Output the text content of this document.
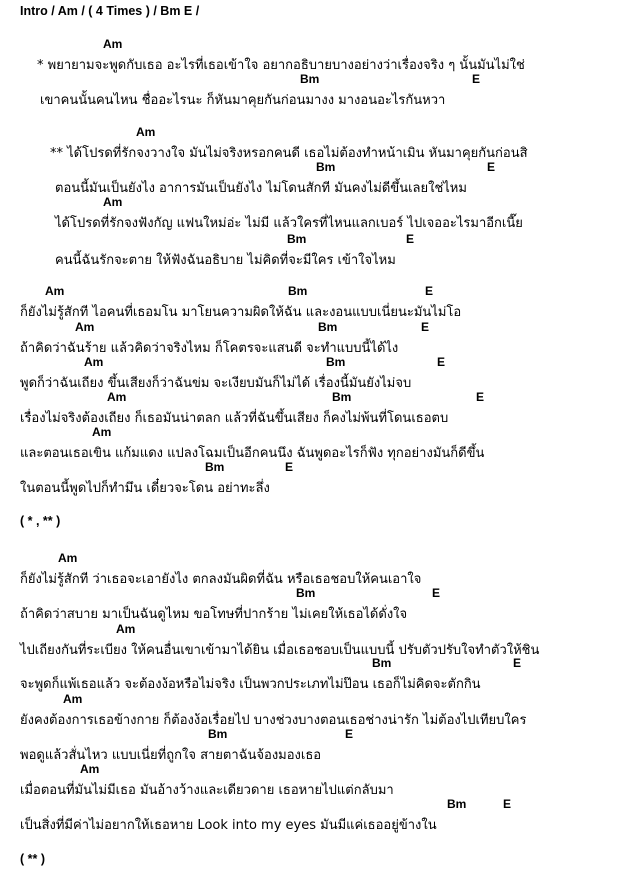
Intro / Am / ( 4 Times ) / Bm E /
( * , ** )
( ** )
Am
* พยายามจะพูดกับเธอ อะไรที่เธอเข้าใจ อยากอธิบายบางอย่างว่าเรื่องจริง ๆ นั้นมันไม่ใช่
Bm	E
เขาคนนั้นคนไหน ชื่ออะไรนะ ก็หันมาคุยกันก่อนมางง มางอนอะไรกันหวา
Am
** ได้โปรดที่รักจงวางใจ มันไม่จริงหรอกคนดี เธอไม่ต้องทำหน้าเมิน หันมาคุยกันก่อนสิ
Bm	E
ตอนนี้มันเป็นยังไง อาการมันเป็นยังไง ไม่โดนสักที มันคงไม่ดีขึ้นเลยใช่ไหม
Am
ได้โปรดที่รักจงฟังกัญ แฟนใหม่อ่ะ ไม่มี แล้วใครที่ไหนแลกเบอร์ ไปเจออะไรมาอีกเนี๊ย
Bm	E
คนนี้ฉันรักจะตาย ให้ฟังฉันอธิบาย ไม่คิดที่จะมีใคร เข้าใจไหม
Am	Bm	E
ก็ยังไม่รู้สักที ไอคนที่เธอมโน มาโยนความผิดให้ฉัน และงอนแบบเนี่ยนะมันไม่โอ
Am	Bm	E
ถ้าคิดว่าฉันร้าย แล้วคิดว่าจริงไหม ก็โคตรจะแสนดี จะทำแบบนี้ได้ไง
Am	Bm	E
พูดก็ว่าฉันเถียง ขึ้นเสียงก็ว่าฉันข่ม จะเงียบมันก็ไม่ได้ เรื่องนี้มันยังไม่จบ
Am	Bm	E
เรื่องไม่จริงต้องเถียง ก็เธอมันน่าตลก แล้วที่ฉันขึ้นเสียง ก็คงไม่พ้นที่โดนเธอตบ
Am
และตอนเธอเขิน แก้มแดง แปลงโฉมเป็นอีกคนนึง ฉันพูดอะไรก็ฟัง ทุกอย่างมันก็ดีขึ้น
Bm	E
ในตอนนี้พูดไปก็ทำมึน เดี๋ยวจะโดน อย่าทะลึ่ง
Am
ก็ยังไม่รู้สักที ว่าเธอจะเอายังไง ตกลงมันผิดที่ฉัน หรือเธอชอบให้คนเอาใจ
Bm	E
ถ้าคิดว่าสบาย มาเป็นฉันดูไหม ขอโทษที่ปากร้าย ไม่เคยให้เธอได้ดั่งใจ
Am
ไปเถียงกันที่ระเบียง ให้คนอื่นเขาเข้ามาได้ยิน เมื่อเธอชอบเป็นแบบนี้ ปรับตัวปรับใจทำตัวให้ชิน
Bm	E
จะพูดก็แพ้เธอแล้ว จะต้องง้อหรือไม่จริง เป็นพวกประเภทไม่ป๊อน เธอก็ไม่คิดจะตักกิน
Am
ยังคงต้องการเธอข้างกาย ก็ต้องง้อเรื่อยไป บางช่วงบางตอนเธอช่างน่ารัก ไม่ต้องไปเทียบใคร
Bm	E
พอดูแล้วสั่นไหว แบบเนี่ยที่ถูกใจ สายตาฉันจ้องมองเธอ
Am
เมื่อตอนที่มันไม่มีเธอ มันอ้างว้างและเดียวดาย เธอหายไปแต่กลับมา
Bm	E
เป็นสิ่งที่มีค่าไม่อยากให้เธอหาย Look into my eyes มันมีแค่เธออยู่ข้างใน
